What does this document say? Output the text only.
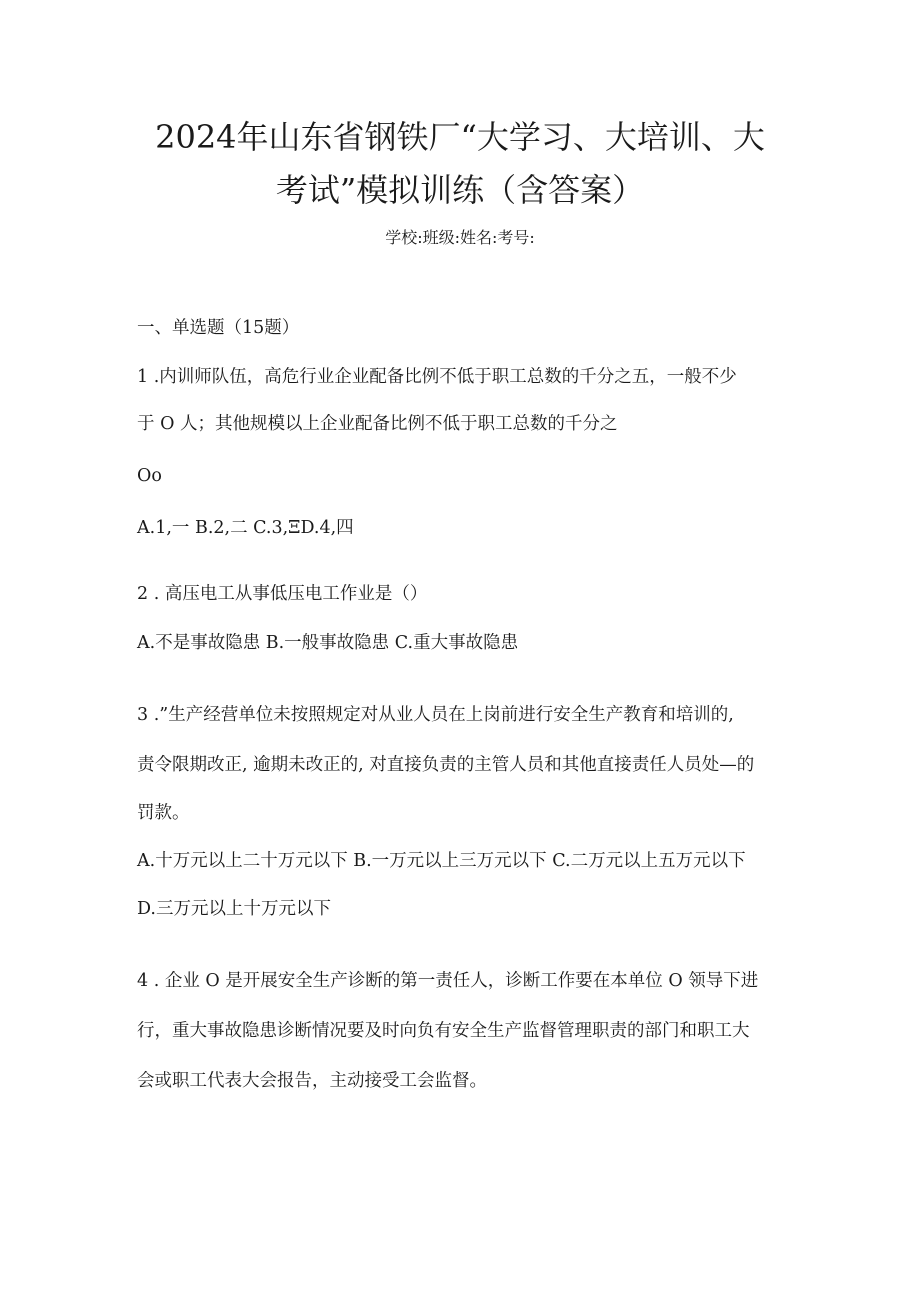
2024年山东省钢铁厂“大学习、大培训、大
考试”模拟训练（含答案）
学校:班级:姓名:考号:
一、单选题（15题）
1 .内训师队伍，高危行业企业配备比例不低于职工总数的千分之五，一般不少
于 O 人；其他规模以上企业配备比例不低于职工总数的千分之
Oo
A.1,一 B.2,二 C.3,ΞD.4,四
2 . 高压电工从事低压电工作业是（）
A.不是事故隐患 B.一般事故隐患 C.重大事故隐患
3 .”生产经营单位未按照规定对从业人员在上岗前进行安全生产教育和培训的,
责令限期改正, 逾期未改正的, 对直接负责的主管人员和其他直接责任人员处—的
罚款。
A.十万元以上二十万元以下 B.一万元以上三万元以下 C.二万元以上五万元以下
D.三万元以上十万元以下
4 . 企业 O 是开展安全生产诊断的第一责任人，诊断工作要在本单位 O 领导下进
行，重大事故隐患诊断情况要及时向负有安全生产监督管理职责的部门和职工大
会或职工代表大会报告，主动接受工会监督。
